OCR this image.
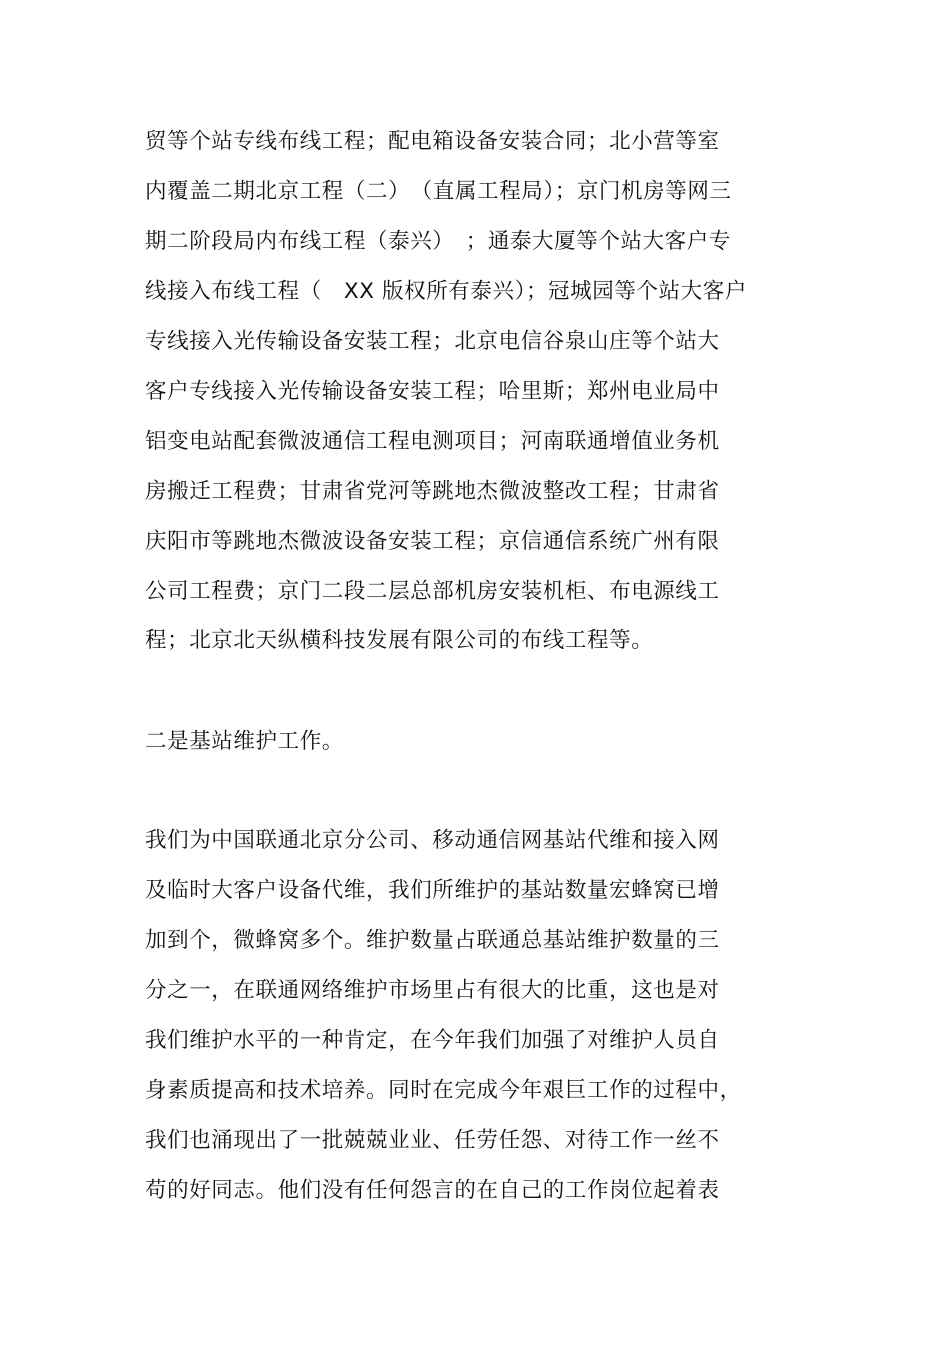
贸等个站专线布线工程；配电箱设备安装合同；北小营等室
内覆盖二期北京工程（二）　（直属工程局）；京门机房等网三
期二阶段局内布线工程（泰兴）　；通泰大厦等个站大客户专
线接入布线工程（　XX 版权所有泰兴）；冠城园等个站大客户
专线接入光传输设备安装工程；北京电信谷泉山庄等个站大
客户专线接入光传输设备安装工程；哈里斯；郑州电业局中
铝变电站配套微波通信工程电测项目；河南联通增值业务机
房搬迁工程费；甘肃省党河等跳地杰微波整改工程；甘肃省
庆阳市等跳地杰微波设备安装工程；京信通信系统广州有限
公司工程费；京门二段二层总部机房安装机柜、布电源线工
程；北京北天纵横科技发展有限公司的布线工程等。
二是基站维护工作。
我们为中国联通北京分公司、移动通信网基站代维和接入网
及临时大客户设备代维，我们所维护的基站数量宏蜂窝已增
加到个，微蜂窝多个。维护数量占联通总基站维护数量的三
分之一，在联通网络维护市场里占有很大的比重，这也是对
我们维护水平的一种肯定，在今年我们加强了对维护人员自
身素质提高和技术培养。同时在完成今年艰巨工作的过程中，
我们也涌现出了一批兢兢业业、任劳任怨、对待工作一丝不
苟的好同志。他们没有任何怨言的在自己的工作岗位起着表
